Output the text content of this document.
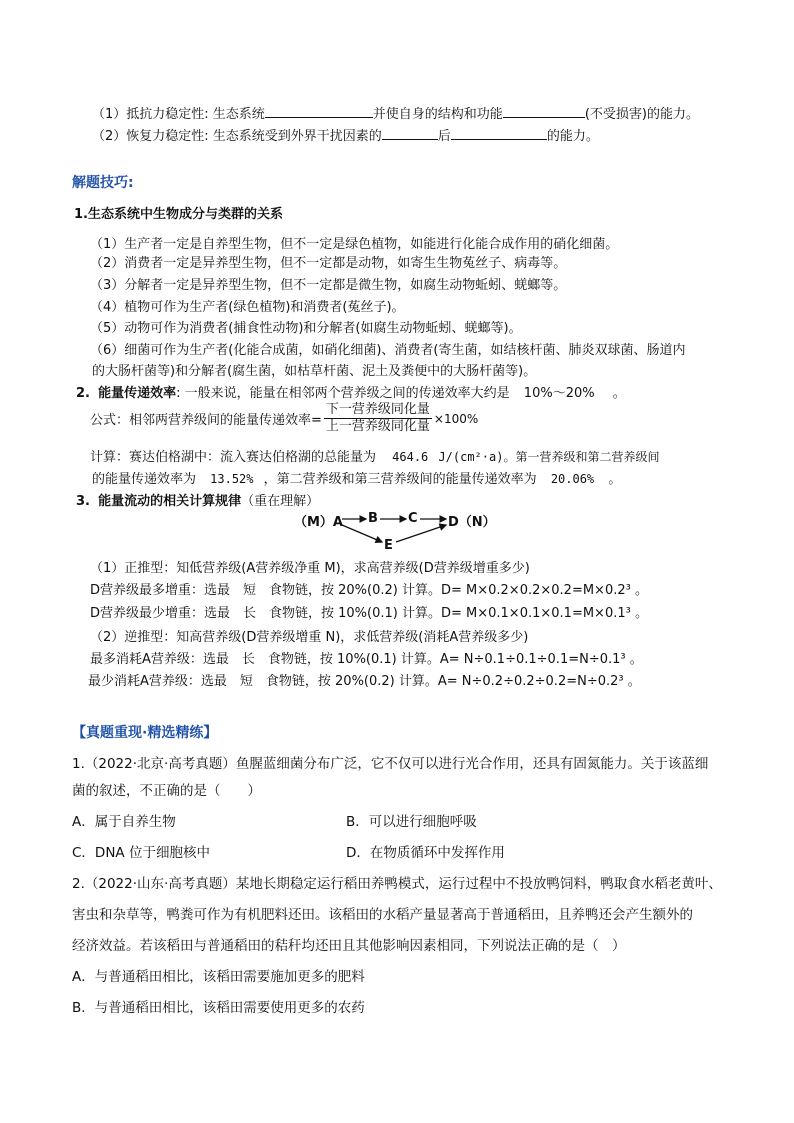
（1）抵抗力稳定性: 生态系统	并使自身的结构和功能	(不受损害)的能力。
（2）恢复力稳定性: 生态系统受到外界干扰因素的	后	的能力。
解题技巧:
1.生态系统中生物成分与类群的关系
（1）生产者一定是自养型生物，但不一定是绿色植物，如能进行化能合成作用的硝化细菌。
（2）消费者一定是异养型生物，但不一定都是动物，如寄生生物菟丝子、病毒等。
（3）分解者一定是异养型生物，但不一定都是微生物，如腐生动物蚯蚓、蜣螂等。
（4）植物可作为生产者(绿色植物)和消费者(菟丝子)。
（5）动物可作为消费者(捕食性动物)和分解者(如腐生动物蚯蚓、蜣螂等)。
（6）细菌可作为生产者(化能合成菌，如硝化细菌)、消费者(寄生菌，如结核杆菌、肺炎双球菌、肠道内
的大肠杆菌等)和分解者(腐生菌，如枯草杆菌、泥土及粪便中的大肠杆菌等)。
2. 能量传递效率: 一般来说，能量在相邻两个营养级之间的传递效率大约是 10%～20% 。
公式：相邻两营养级间的能量传递效率= $\frac{\text{下一营养级同化量}}{\text{上一营养级同化量}} \times 100\%$
计算：赛达伯格湖中：流入赛达伯格湖的总能量为 464.6 J/(cm²·a)。第一营养级和第二营养级间
的能量传递效率为 13.52% ，第二营养级和第三营养级间的能量传递效率为 20.06% 。
3. 能量流动的相关计算规律（重在理解）
（M）A B C D（N）
E
（1）正推型：知低营养级(A营养级净重 M)，求高营养级(D营养级增重多少)
D营养级最多增重：选最　短　食物链，按 20%(0.2) 计算。D= M×0.2×0.2×0.2=M×0.2³ 。
D营养级最少增重：选最　长　食物链，按 10%(0.1) 计算。D= M×0.1×0.1×0.1=M×0.1³ 。
（2）逆推型：知高营养级(D营养级增重 N)，求低营养级(消耗A营养级多少)
最多消耗A营养级：选最　长　食物链，按 10%(0.1) 计算。A= N÷0.1÷0.1÷0.1=N÷0.1³ 。
最少消耗A营养级：选最　短　食物链，按 20%(0.2) 计算。A= N÷0.2÷0.2÷0.2=N÷0.2³ 。
【真题重现·精选精练】
1.（2022·北京·高考真题）鱼腥蓝细菌分布广泛，它不仅可以进行光合作用，还具有固氮能力。关于该蓝细
菌的叙述，不正确的是（　　）
A．属于自养生物	B．可以进行细胞呼吸
C．DNA 位于细胞核中	D．在物质循环中发挥作用
2.（2022·山东·高考真题）某地长期稳定运行稻田养鸭模式，运行过程中不投放鸭饲料，鸭取食水稻老黄叶、
害虫和杂草等，鸭粪可作为有机肥料还田。该稻田的水稻产量显著高于普通稻田，且养鸭还会产生额外的
经济效益。若该稻田与普通稻田的秸秆均还田且其他影响因素相同，下列说法正确的是（　）
A．与普通稻田相比，该稻田需要施加更多的肥料
B．与普通稻田相比，该稻田需要使用更多的农药
